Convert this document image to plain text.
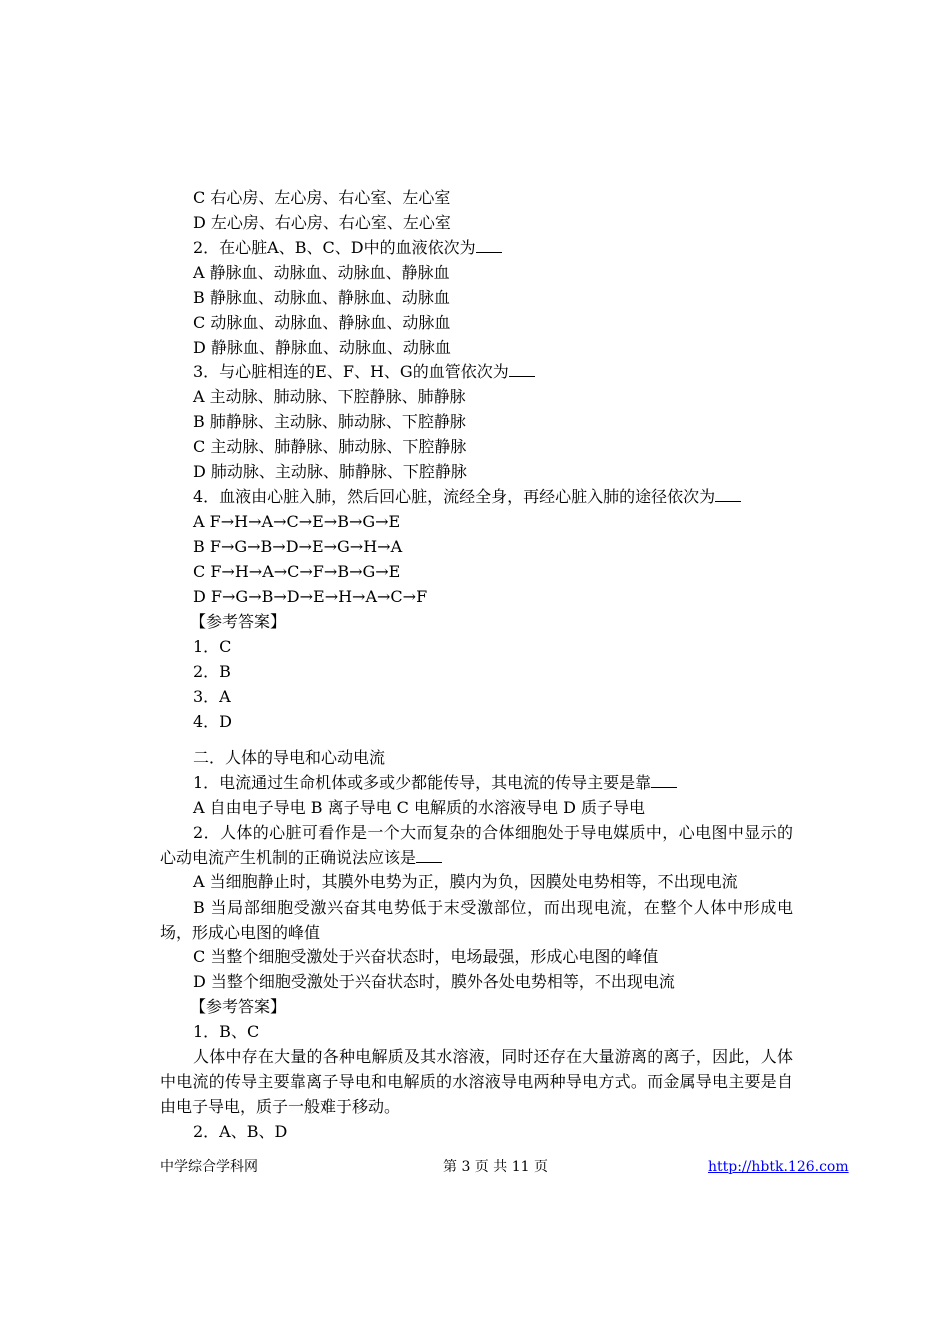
C 右心房、左心房、右心室、左心室
D 左心房、右心房、右心室、左心室
2．在心脏A、B、C、D中的血液依次为
A 静脉血、动脉血、动脉血、静脉血
B 静脉血、动脉血、静脉血、动脉血
C 动脉血、动脉血、静脉血、动脉血
D 静脉血、静脉血、动脉血、动脉血
3．与心脏相连的E、F、H、G的血管依次为
A 主动脉、肺动脉、下腔静脉、肺静脉
B 肺静脉、主动脉、肺动脉、下腔静脉
C 主动脉、肺静脉、肺动脉、下腔静脉
D 肺动脉、主动脉、肺静脉、下腔静脉
4．血液由心脏入肺，然后回心脏，流经全身，再经心脏入肺的途径依次为
A F→H→A→C→E→B→G→E
B F→G→B→D→E→G→H→A
C F→H→A→C→F→B→G→E
D F→G→B→D→E→H→A→C→F
【参考答案】
1．C
2．B
3．A
4．D
二．人体的导电和心动电流
1．电流通过生命机体或多或少都能传导，其电流的传导主要是靠
A 自由电子导电 B 离子导电 C 电解质的水溶液导电 D 质子导电
2．人体的心脏可看作是一个大而复杂的合体细胞处于导电媒质中，心电图中显示的心动电流产生机制的正确说法应该是
A 当细胞静止时，其膜外电势为正，膜内为负，因膜处电势相等，不出现电流
B 当局部细胞受激兴奋其电势低于末受激部位，而出现电流，在整个人体中形成电场，形成心电图的峰值
C 当整个细胞受激处于兴奋状态时，电场最强，形成心电图的峰值
D 当整个细胞受激处于兴奋状态时，膜外各处电势相等，不出现电流
【参考答案】
1．B、C
人体中存在大量的各种电解质及其水溶液，同时还存在大量游离的离子，因此，人体中电流的传导主要靠离子导电和电解质的水溶液导电两种导电方式。而金属导电主要是自由电子导电，质子一般难于移动。
2．A、B、D
中学综合学科网	第 3 页 共 11 页	http://hbtk.126.com
